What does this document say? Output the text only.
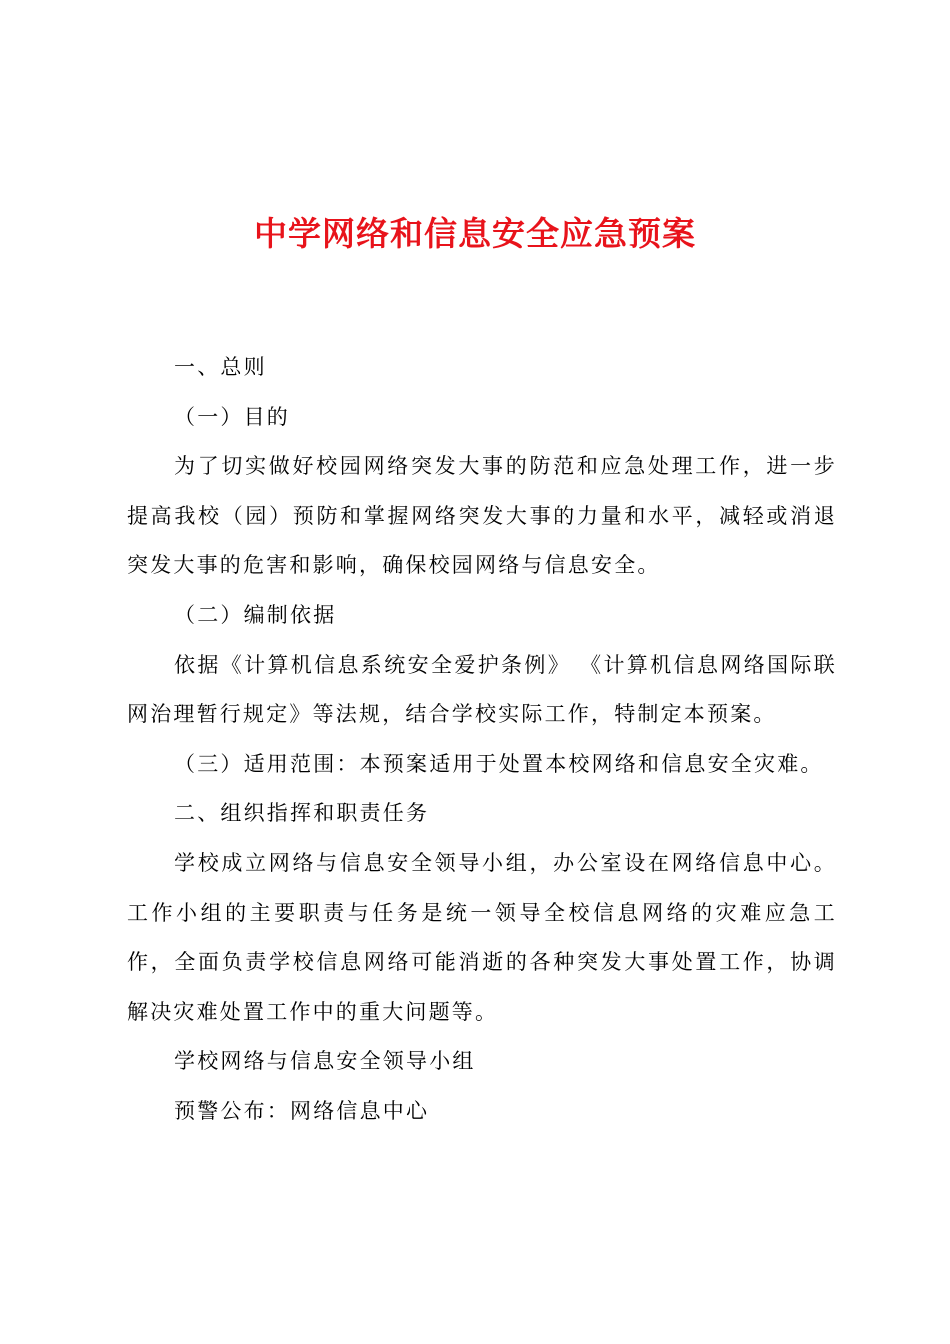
中学网络和信息安全应急预案

一、总则

（一）目的

为了切实做好校园网络突发大事的防范和应急处理工作，进一步提高我校（园）预防和掌握网络突发大事的力量和水平，减轻或消退突发大事的危害和影响，确保校园网络与信息安全。

（二）编制依据

依据《计算机信息系统安全爱护条例》 《计算机信息网络国际联网治理暂行规定》等法规，结合学校实际工作，特制定本预案。

（三）适用范围：本预案适用于处置本校网络和信息安全灾难。

二、组织指挥和职责任务

学校成立网络与信息安全领导小组，办公室设在网络信息中心。工作小组的主要职责与任务是统一领导全校信息网络的灾难应急工作，全面负责学校信息网络可能消逝的各种突发大事处置工作，协调解决灾难处置工作中的重大问题等。

学校网络与信息安全领导小组

预警公布：网络信息中心
